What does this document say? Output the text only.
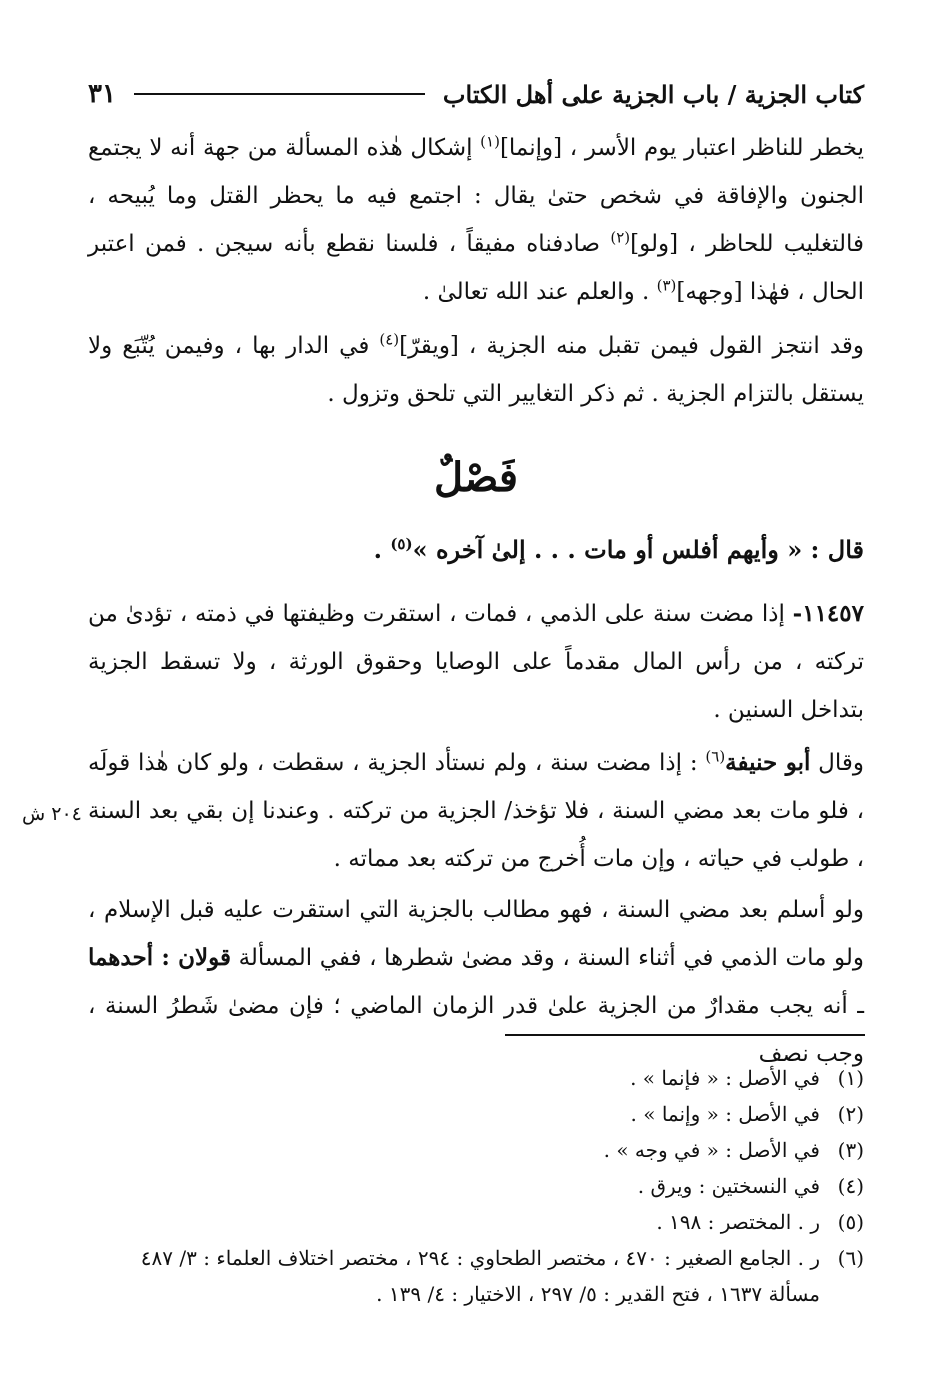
كتاب الجزية / باب الجزية على أهل الكتاب
٣١

يخطر للناظر اعتبار يوم الأسر ، [وإنما]$^{(١)}$ إشكال هٰذه المسألة من جهة أنه لا يجتمع الجنون والإفاقة في شخص حتىٰ يقال : اجتمع فيه ما يحظر القتل وما يُبيحه ، فالتغليب للحاظر ، [ولو]$^{(٢)}$ صادفناه مفيقاً ، فلسنا نقطع بأنه سيجن . فمن اعتبر الحال ، فهٰذا [وجهه]$^{(٣)}$ . والعلم عند الله تعالىٰ .

وقد انتجز القول فيمن تقبل منه الجزية ، [ويقرّ]$^{(٤)}$ في الدار بها ، وفيمن يُتّبَع ولا يستقل بالتزام الجزية . ثم ذكر التغايير التي تلحق وتزول .

فَصْلٌ
قال : « وأيهم أفلس أو مات . . . إلىٰ آخره »$^{(٥)}$ .

١١٤٥٧- إذا مضت سنة على الذمي ، فمات ، استقرت وظيفتها في ذمته ، تؤدىٰ من تركته ، من رأس المال مقدماً على الوصايا وحقوق الورثة ، ولا تسقط الجزية بتداخل السنين .

وقال أبو حنيفة$^{(٦)}$ : إذا مضت سنة ، ولم نستأد الجزية ، سقطت ، ولو كان هٰذا قولَه ، فلو مات بعد مضي السنة ، فلا تؤخذ/ الجزية من تركته . وعندنا إن بقي بعد السنة ، طولب في حياته ، وإن مات أُخرج من تركته بعد مماته .

٢٠٤ ش

ولو أسلم بعد مضي السنة ، فهو مطالب بالجزية التي استقرت عليه قبل الإسلام ، ولو مات الذمي في أثناء السنة ، وقد مضىٰ شطرها ، ففي المسألة قولان : أحدهما ـ أنه يجب مقدارٌ من الجزية علىٰ قدر الزمان الماضي ؛ فإن مضىٰ شَطرُ السنة ، وجب نصف

(١)
في الأصل : « فإنما » .
(٢)
في الأصل : « وإنما » .
(٣)
في الأصل : « في وجه » .
(٤)
في النسختين : ويرق .
(٥)
ر . المختصر : ١٩٨ .
(٦)
ر . الجامع الصغير : ٤٧٠ ، مختصر الطحاوي : ٢٩٤ ، مختصر اختلاف العلماء : ٣/ ٤٨٧ مسألة ١٦٣٧ ، فتح القدير : ٥/ ٢٩٧ ، الاختيار : ٤/ ١٣٩ .
